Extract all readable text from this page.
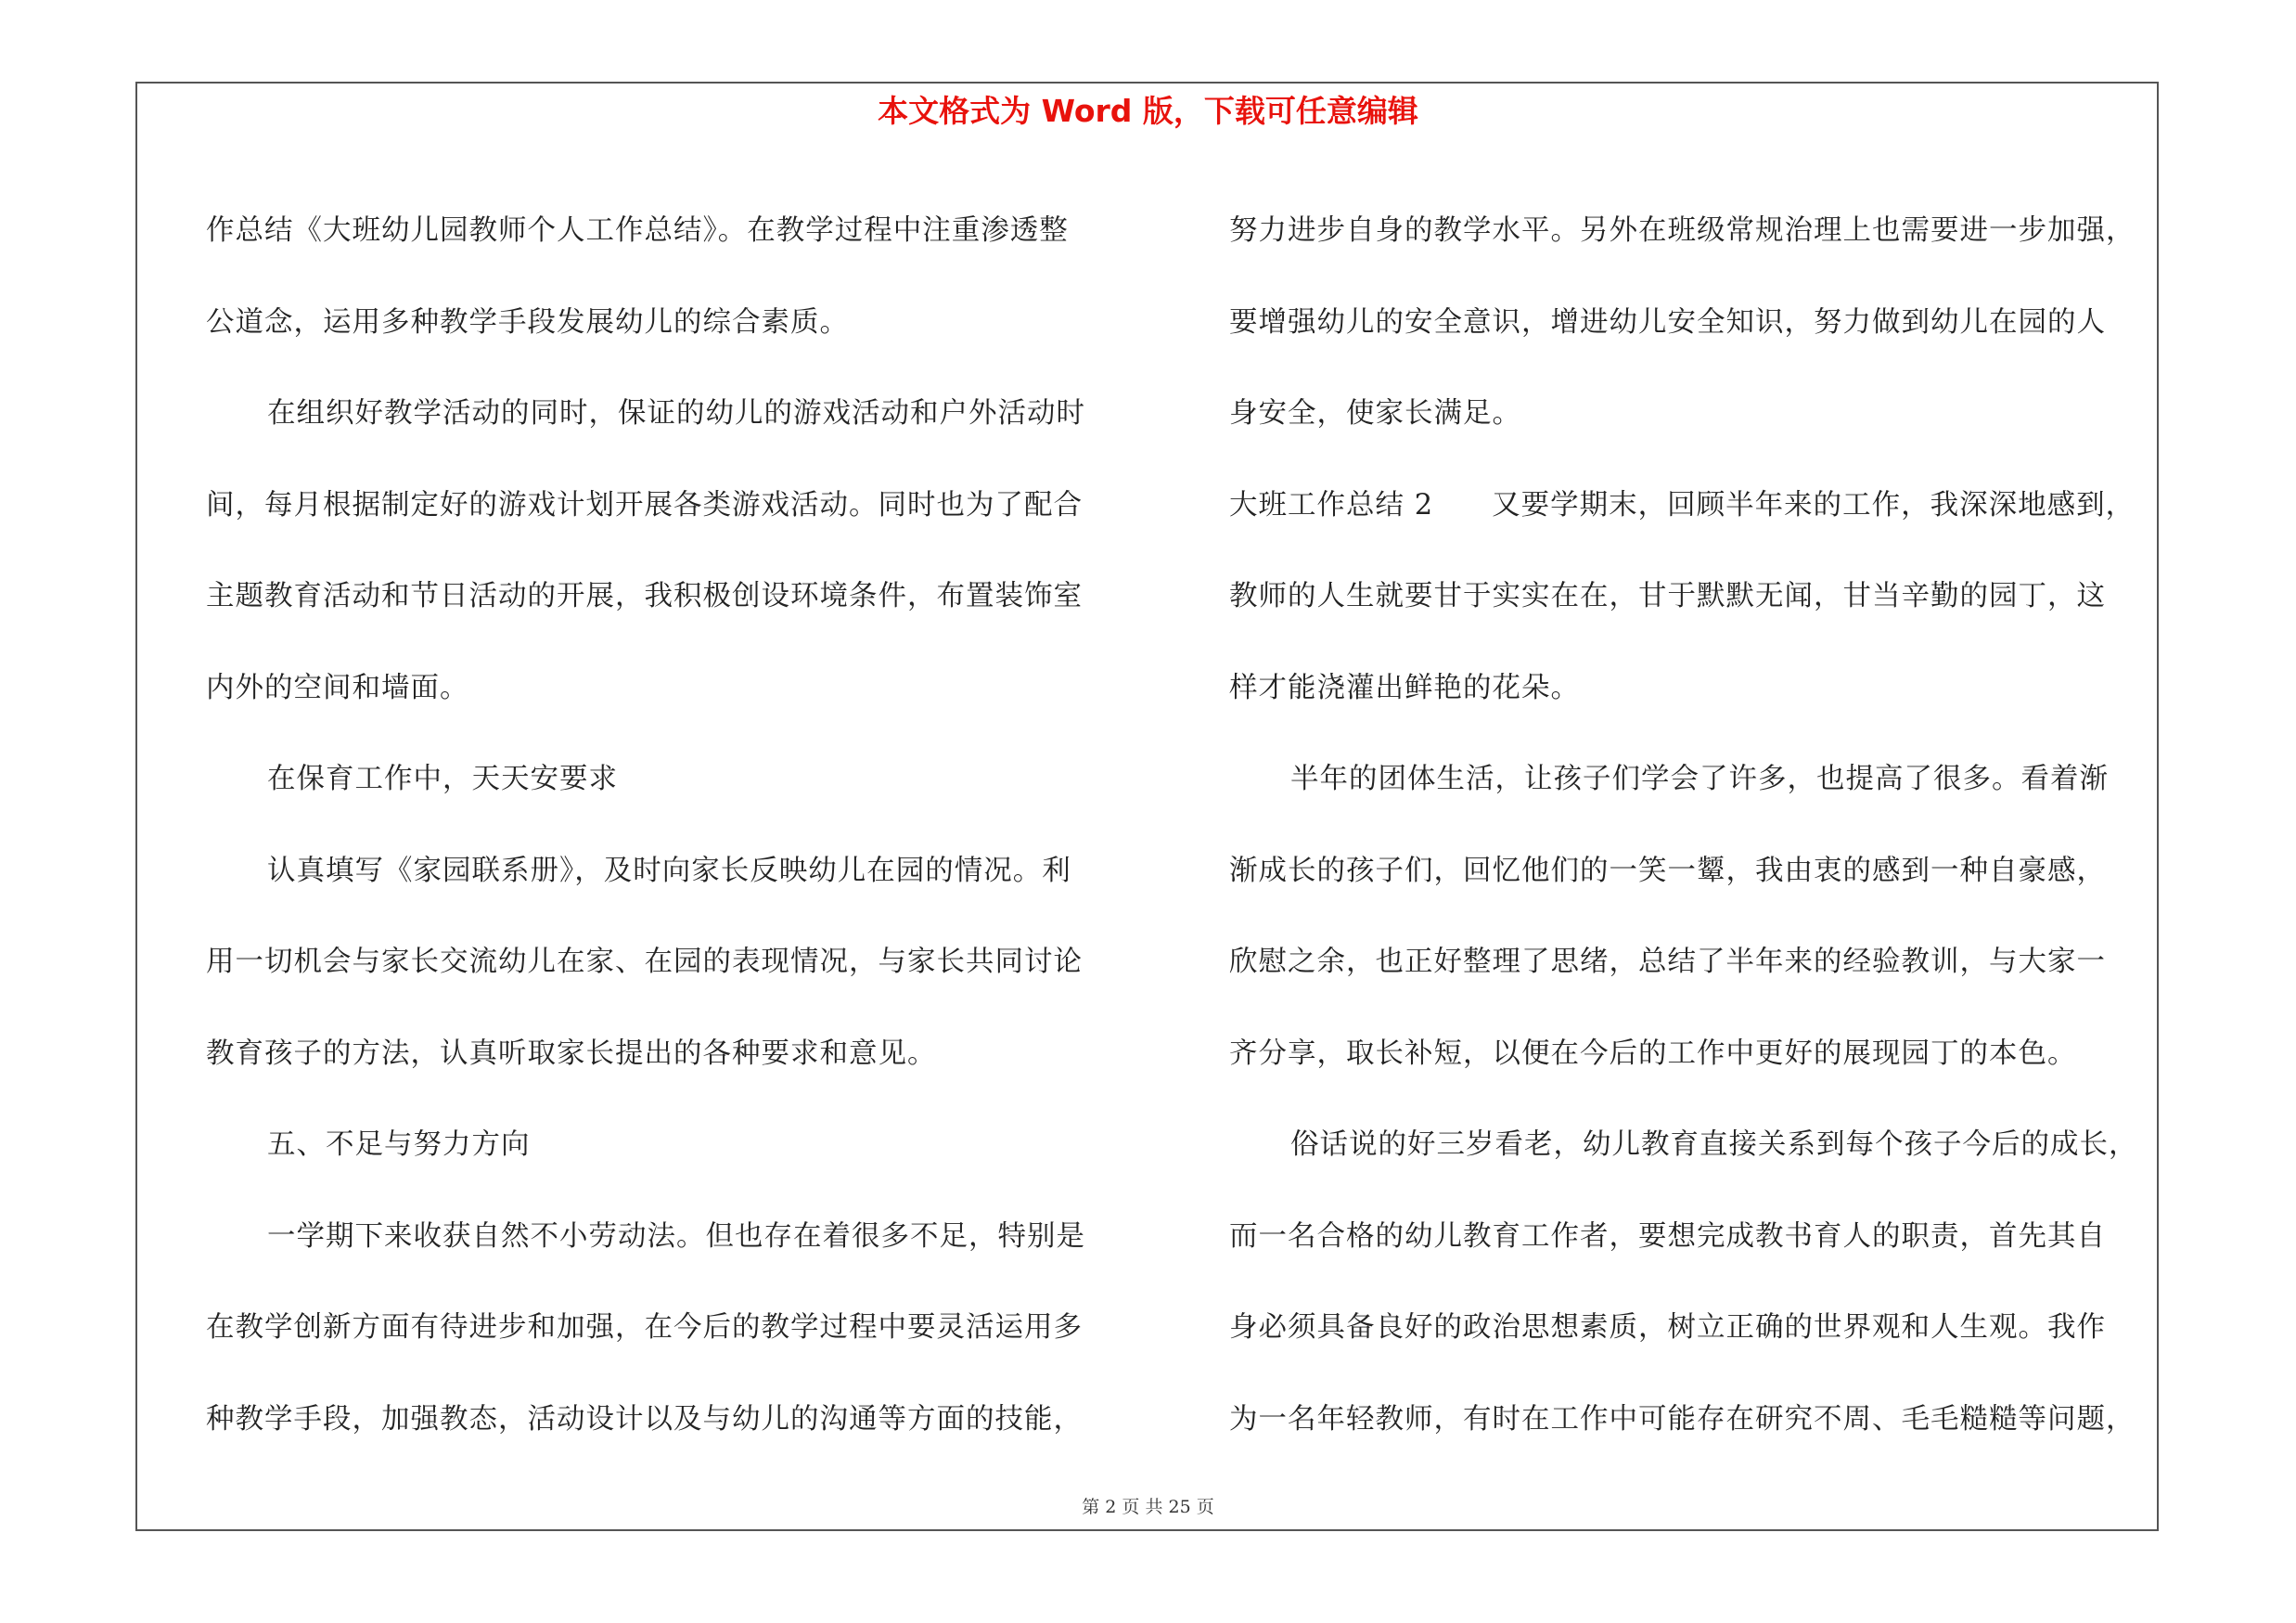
本文格式为 Word 版，下载可任意编辑
作总结《大班幼儿园教师个人工作总结》。在教学过程中注重渗透整
公道念，运用多种教学手段发展幼儿的综合素质。
在组织好教学活动的同时，保证的幼儿的游戏活动和户外活动时
间，每月根据制定好的游戏计划开展各类游戏活动。同时也为了配合
主题教育活动和节日活动的开展，我积极创设环境条件，布置装饰室
内外的空间和墙面。
在保育工作中，天天安要求
认真填写《家园联系册》，及时向家长反映幼儿在园的情况。利
用一切机会与家长交流幼儿在家、在园的表现情况，与家长共同讨论
教育孩子的方法，认真听取家长提出的各种要求和意见。
五、不足与努力方向
一学期下来收获自然不小劳动法。但也存在着很多不足，特别是
在教学创新方面有待进步和加强，在今后的教学过程中要灵活运用多
种教学手段，加强教态，活动设计以及与幼儿的沟通等方面的技能，
努力进步自身的教学水平。另外在班级常规治理上也需要进一步加强，
要增强幼儿的安全意识，增进幼儿安全知识，努力做到幼儿在园的人
身安全，使家长满足。
大班工作总结 2　　又要学期末，回顾半年来的工作，我深深地感到，
教师的人生就要甘于实实在在，甘于默默无闻，甘当辛勤的园丁，这
样才能浇灌出鲜艳的花朵。
半年的团体生活，让孩子们学会了许多，也提高了很多。看着渐
渐成长的孩子们，回忆他们的一笑一颦，我由衷的感到一种自豪感，
欣慰之余，也正好整理了思绪，总结了半年来的经验教训，与大家一
齐分享，取长补短，以便在今后的工作中更好的展现园丁的本色。
俗话说的好三岁看老，幼儿教育直接关系到每个孩子今后的成长，
而一名合格的幼儿教育工作者，要想完成教书育人的职责，首先其自
身必须具备良好的政治思想素质，树立正确的世界观和人生观。我作
为一名年轻教师，有时在工作中可能存在研究不周、毛毛糙糙等问题，
第 2 页 共 25 页
